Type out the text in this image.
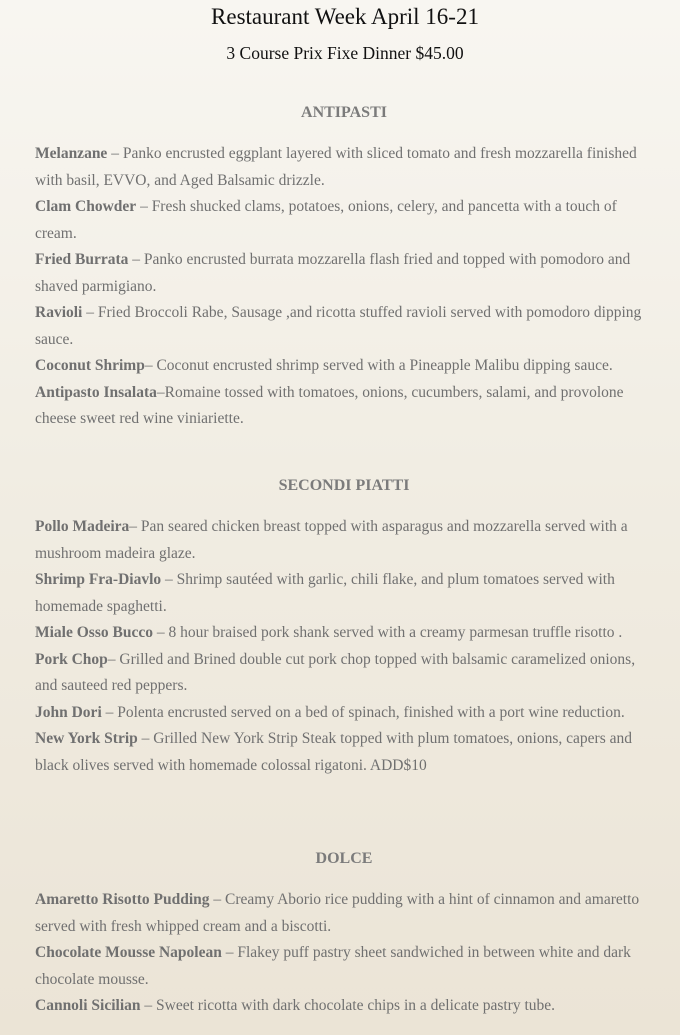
Restaurant Week April 16-21

3 Course Prix Fixe Dinner $45.00

ANTIPASTI

Melanzane – Panko encrusted eggplant layered with sliced tomato and fresh mozzarella finished with basil, EVVO, and Aged Balsamic drizzle.

Clam Chowder – Fresh shucked clams, potatoes, onions, celery, and pancetta with a touch of cream.

Fried Burrata – Panko encrusted burrata mozzarella flash fried and topped with pomodoro and shaved parmigiano.

Ravioli – Fried Broccoli Rabe, Sausage ,and ricotta stuffed ravioli served with pomodoro dipping sauce.

Coconut Shrimp– Coconut encrusted shrimp served with a Pineapple Malibu dipping sauce.

Antipasto Insalata–Romaine tossed with tomatoes, onions, cucumbers, salami, and provolone cheese sweet red wine viniariette.

SECONDI PIATTI

Pollo Madeira– Pan seared chicken breast topped with asparagus and mozzarella served with a mushroom madeira glaze.

Shrimp Fra-Diavlo – Shrimp sautéed with garlic, chili flake, and plum tomatoes served with homemade spaghetti.

Miale Osso Bucco – 8 hour braised pork shank served with a creamy parmesan truffle risotto .

Pork Chop– Grilled and Brined double cut pork chop topped with balsamic caramelized onions, and sauteed red peppers.

John Dori – Polenta encrusted served on a bed of spinach, finished with a port wine reduction.

New York Strip – Grilled New York Strip Steak topped with plum tomatoes, onions, capers and black olives served with homemade colossal rigatoni. ADD$10

DOLCE

Amaretto Risotto Pudding – Creamy Aborio rice pudding with a hint of cinnamon and amaretto served with fresh whipped cream and a biscotti.

Chocolate Mousse Napolean – Flakey puff pastry sheet sandwiched in between white and dark chocolate mousse.

Cannoli Sicilian – Sweet ricotta with dark chocolate chips in a delicate pastry tube.
